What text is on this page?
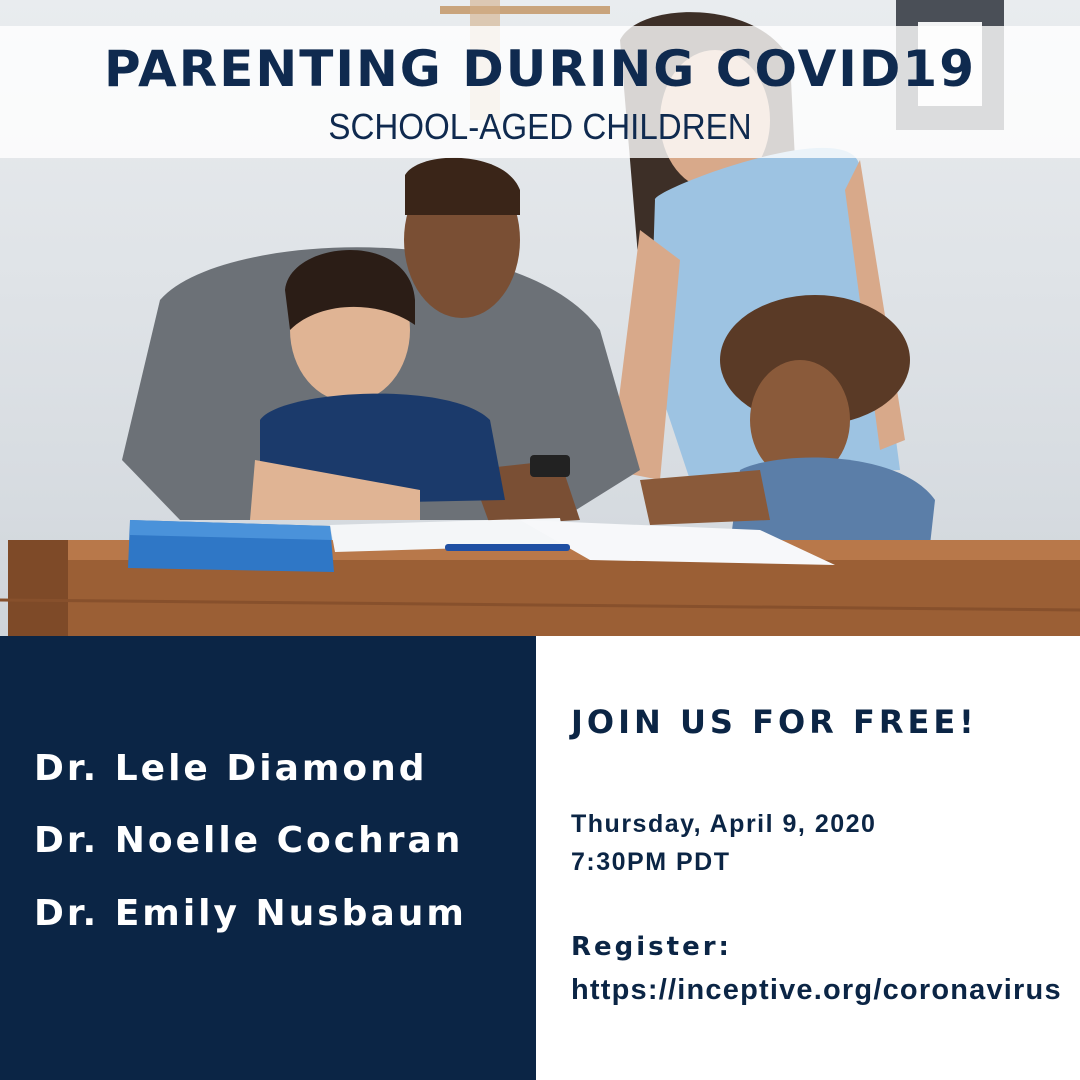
PARENTING DURING COVID19
SCHOOL-AGED CHILDREN
Dr. Lele Diamond
Dr. Noelle Cochran
Dr. Emily Nusbaum
JOIN US FOR FREE!
Thursday, April 9, 2020
7:30PM PDT
Register:
https://inceptive.org/coronavirus
